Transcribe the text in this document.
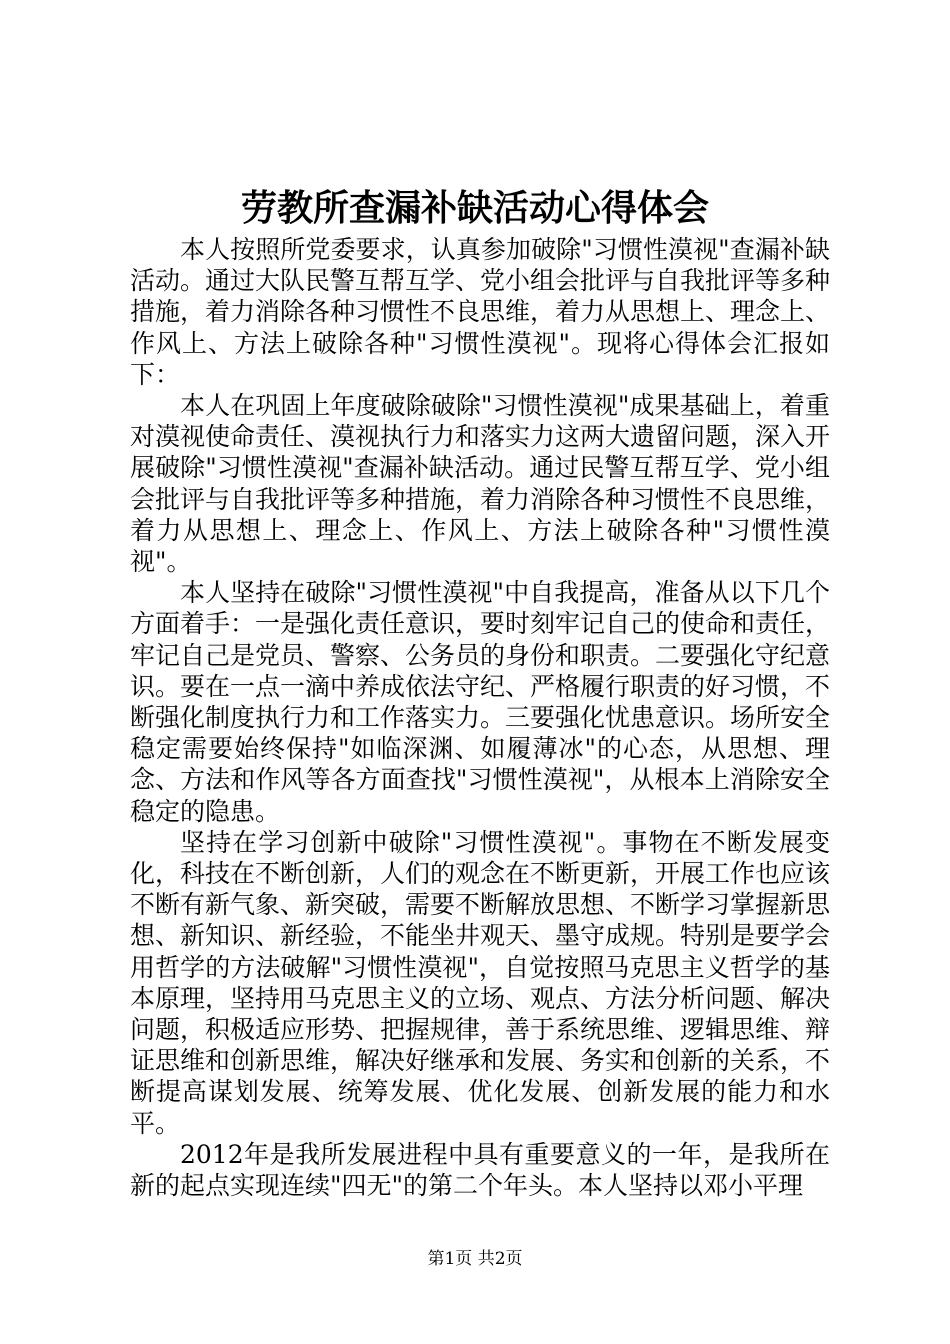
劳教所查漏补缺活动心得体会

本人按照所党委要求，认真参加破除"习惯性漠视"查漏补缺活动。通过大队民警互帮互学、党小组会批评与自我批评等多种措施，着力消除各种习惯性不良思维，着力从思想上、理念上、作风上、方法上破除各种"习惯性漠视"。现将心得体会汇报如下：

本人在巩固上年度破除破除"习惯性漠视"成果基础上，着重对漠视使命责任、漠视执行力和落实力这两大遗留问题，深入开展破除"习惯性漠视"查漏补缺活动。通过民警互帮互学、党小组会批评与自我批评等多种措施，着力消除各种习惯性不良思维，着力从思想上、理念上、作风上、方法上破除各种"习惯性漠视"。

本人坚持在破除"习惯性漠视"中自我提高，准备从以下几个方面着手：一是强化责任意识，要时刻牢记自己的使命和责任，牢记自己是党员、警察、公务员的身份和职责。二要强化守纪意识。要在一点一滴中养成依法守纪、严格履行职责的好习惯，不断强化制度执行力和工作落实力。三要强化忧患意识。场所安全稳定需要始终保持"如临深渊、如履薄冰"的心态，从思想、理念、方法和作风等各方面查找"习惯性漠视"，从根本上消除安全稳定的隐患。

坚持在学习创新中破除"习惯性漠视"。事物在不断发展变化，科技在不断创新，人们的观念在不断更新，开展工作也应该不断有新气象、新突破，需要不断解放思想、不断学习掌握新思想、新知识、新经验，不能坐井观天、墨守成规。特别是要学会用哲学的方法破解"习惯性漠视"，自觉按照马克思主义哲学的基本原理，坚持用马克思主义的立场、观点、方法分析问题、解决问题，积极适应形势、把握规律，善于系统思维、逻辑思维、辩证思维和创新思维，解决好继承和发展、务实和创新的关系，不断提高谋划发展、统筹发展、优化发展、创新发展的能力和水平。

2012年是我所发展进程中具有重要意义的一年，是我所在新的起点实现连续"四无"的第二个年头。本人坚持以邓小平理

第1页 共2页
